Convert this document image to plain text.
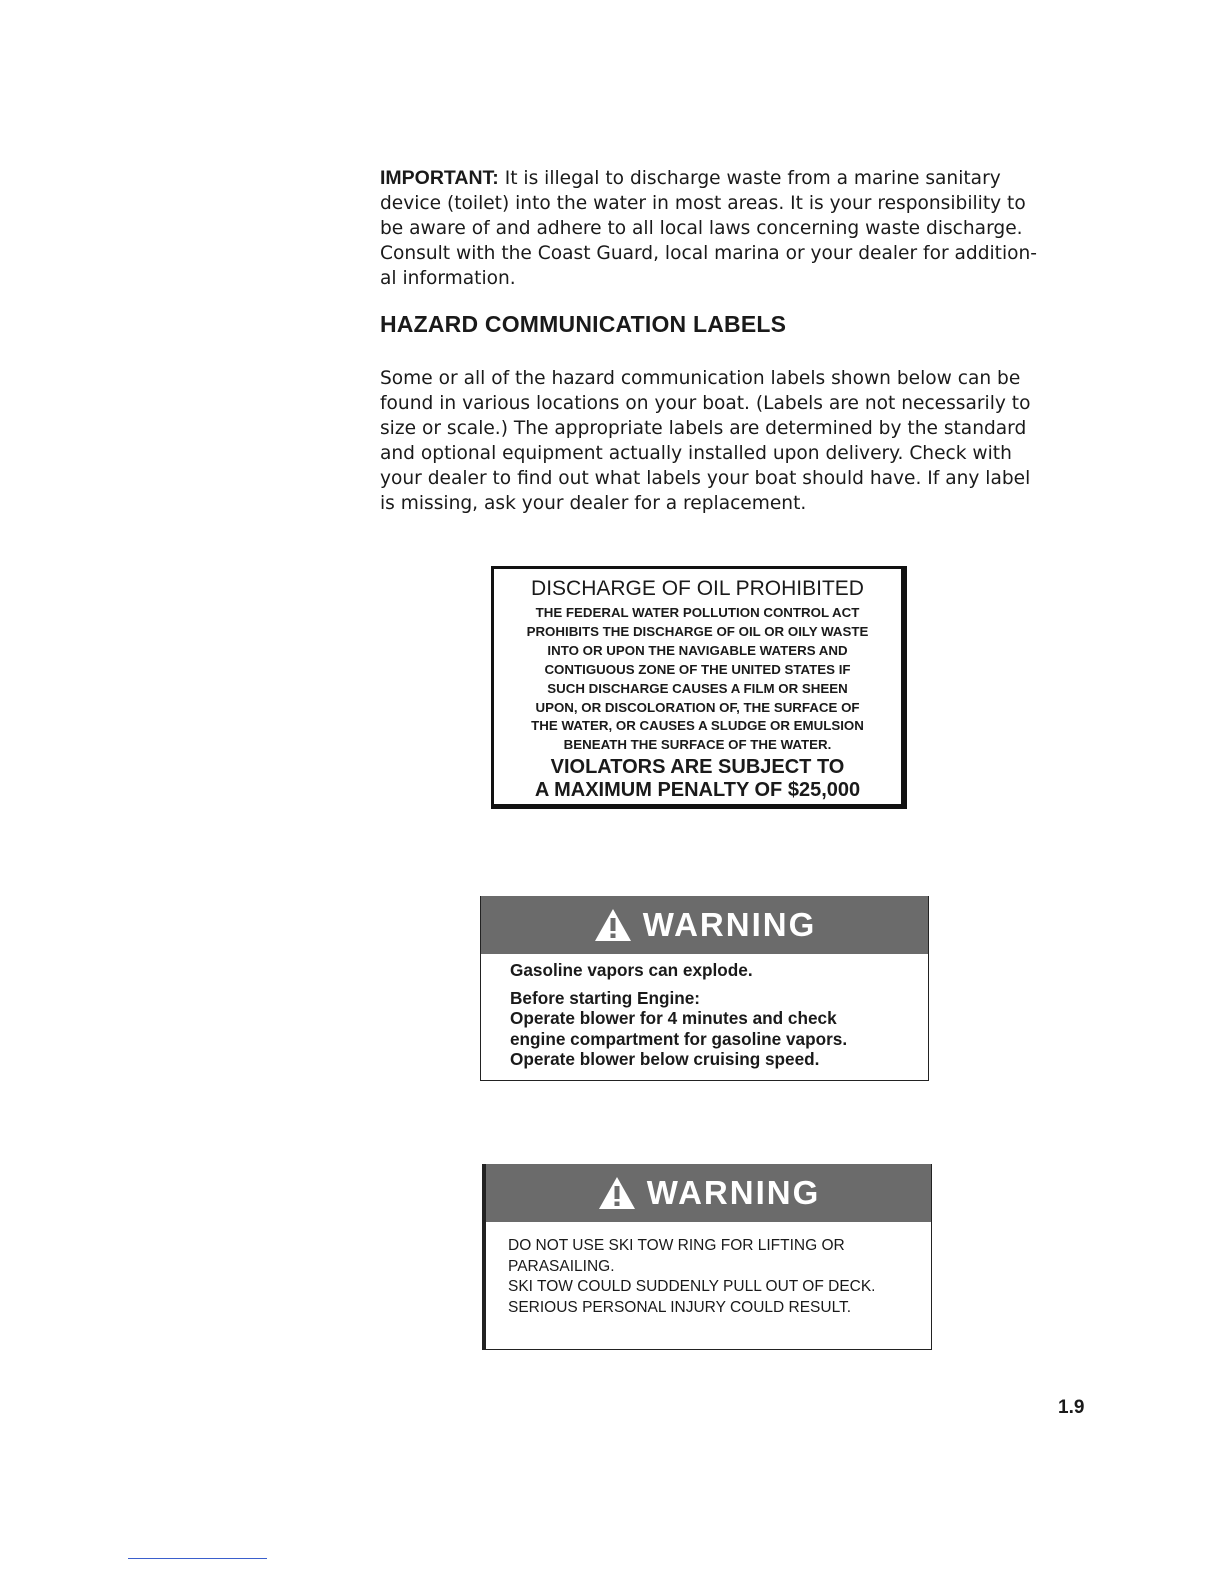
IMPORTANT: It is illegal to discharge waste from a marine sanitary
device (toilet) into the water in most areas. It is your responsibility to
be aware of and adhere to all local laws concerning waste discharge.
Consult with the Coast Guard, local marina or your dealer for addition-
al information.
HAZARD COMMUNICATION LABELS
Some or all of the hazard communication labels shown below can be
found in various locations on your boat. (Labels are not necessarily to
size or scale.) The appropriate labels are determined by the standard
and optional equipment actually installed upon delivery. Check with
your dealer to find out what labels your boat should have. If any label
is missing, ask your dealer for a replacement.
DISCHARGE OF OIL PROHIBITED
THE FEDERAL WATER POLLUTION CONTROL ACT
PROHIBITS THE DISCHARGE OF OIL OR OILY WASTE
INTO OR UPON THE NAVIGABLE WATERS AND
CONTIGUOUS ZONE OF THE UNITED STATES IF
SUCH DISCHARGE CAUSES A FILM OR SHEEN
UPON, OR DISCOLORATION OF, THE SURFACE OF
THE WATER, OR CAUSES A SLUDGE OR EMULSION
BENEATH THE SURFACE OF THE WATER.
VIOLATORS ARE SUBJECT TO
A MAXIMUM PENALTY OF $25,000
WARNING
Gasoline vapors can explode.
Before starting Engine:
Operate blower for 4 minutes and check
engine compartment for gasoline vapors.
Operate blower below cruising speed.
WARNING
DO NOT USE SKI TOW RING FOR LIFTING OR
PARASAILING.
SKI TOW COULD SUDDENLY PULL OUT OF DECK.
SERIOUS PERSONAL INJURY COULD RESULT.
1.9
